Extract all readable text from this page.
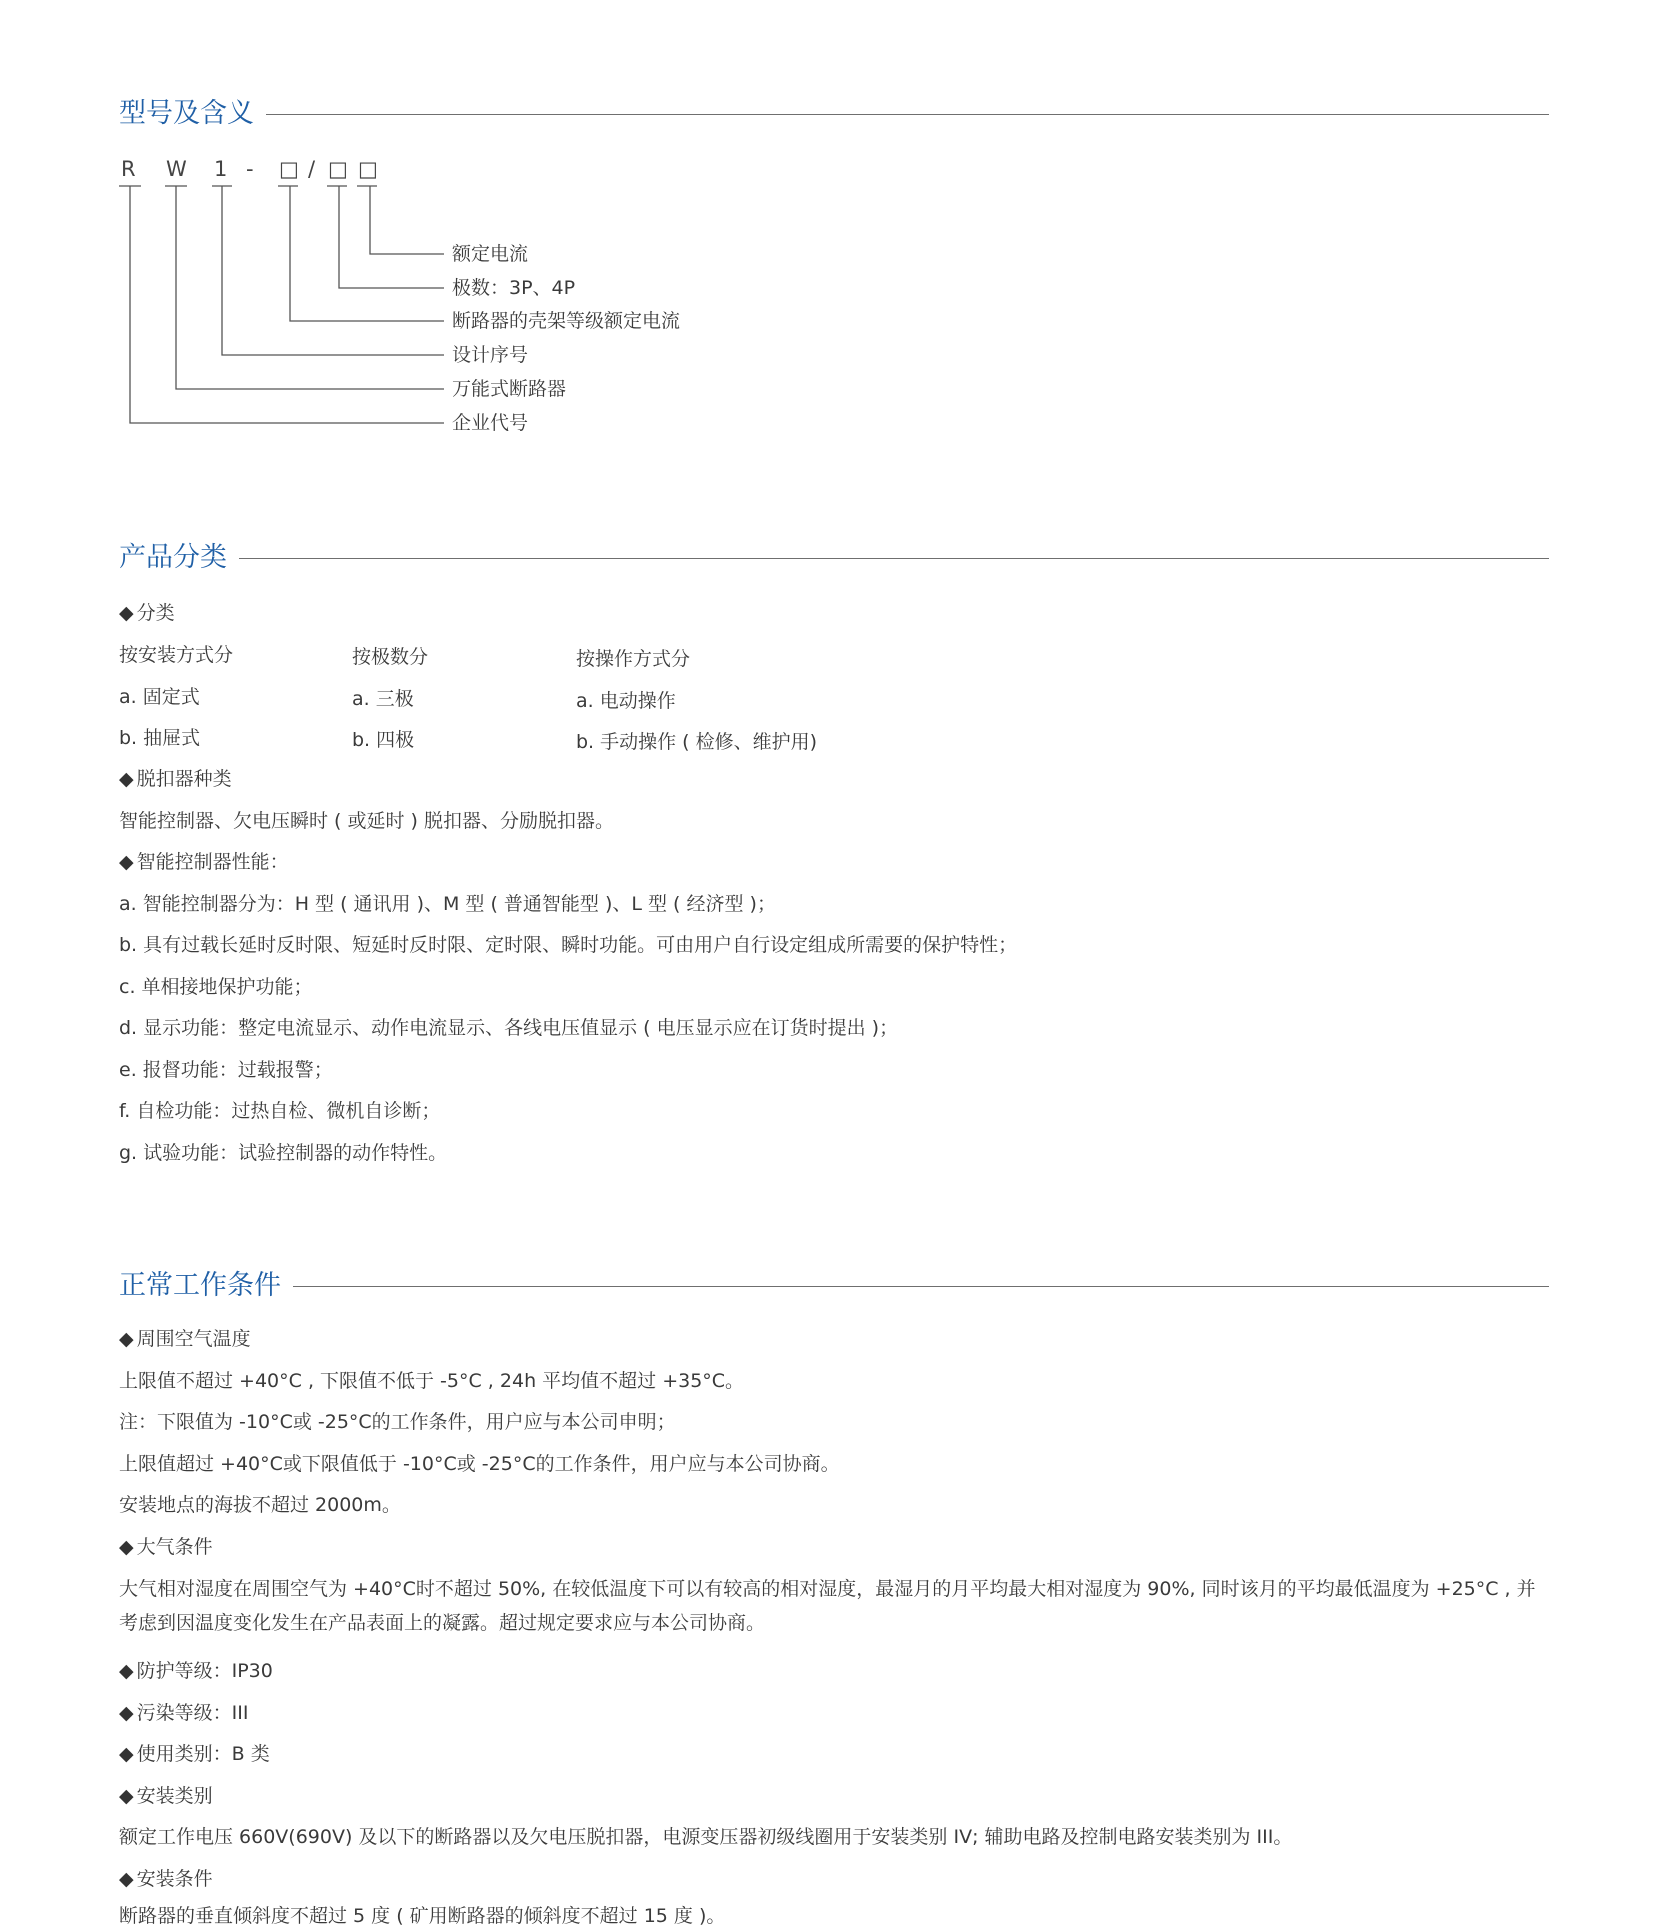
型号及含义
R W 1 - □ / □ □
额定电流
极数：3P、4P
断路器的壳架等级额定电流
设计序号
万能式断路器
企业代号
产品分类
◆ 分类
按安装方式分	按极数分	按操作方式分
a. 固定式	a. 三极	a. 电动操作
b. 抽屉式	b. 四极	b. 手动操作 ( 检修、维护用)
◆ 脱扣器种类
智能控制器、欠电压瞬时 ( 或延时 ) 脱扣器、分励脱扣器。
◆ 智能控制器性能：
a. 智能控制器分为：H 型 ( 通讯用 )、M 型 ( 普通智能型 )、L 型 ( 经济型 )；
b. 具有过载长延时反时限、短延时反时限、定时限、瞬时功能。可由用户自行设定组成所需要的保护特性；
c. 单相接地保护功能；
d. 显示功能：整定电流显示、动作电流显示、各线电压值显示 ( 电压显示应在订货时提出 )；
e. 报督功能：过载报警；
f. 自检功能：过热自检、微机自诊断；
g. 试验功能：试验控制器的动作特性。
正常工作条件
◆ 周围空气温度
上限值不超过 +40°C , 下限值不低于 -5°C , 24h 平均值不超过 +35°C。
注：下限值为 -10°C或 -25°C的工作条件，用户应与本公司申明；
上限值超过 +40°C或下限值低于 -10°C或 -25°C的工作条件，用户应与本公司协商。
安装地点的海拔不超过 2000m。
◆ 大气条件
大气相对湿度在周围空气为 +40°C时不超过 50%, 在较低温度下可以有较高的相对湿度，最湿月的月平均最大相对湿度为 90%, 同时该月的平均最低温度为 +25°C , 并考虑到因温度变化发生在产品表面上的凝露。超过规定要求应与本公司协商。
◆ 防护等级：IP30
◆ 污染等级：III
◆ 使用类别：B 类
◆ 安装类别
额定工作电压 660V(690V) 及以下的断路器以及欠电压脱扣器，电源变压器初级线圈用于安装类别 IV; 辅助电路及控制电路安装类别为 III。
◆ 安装条件
断路器的垂直倾斜度不超过 5 度 ( 矿用断路器的倾斜度不超过 15 度 )。
